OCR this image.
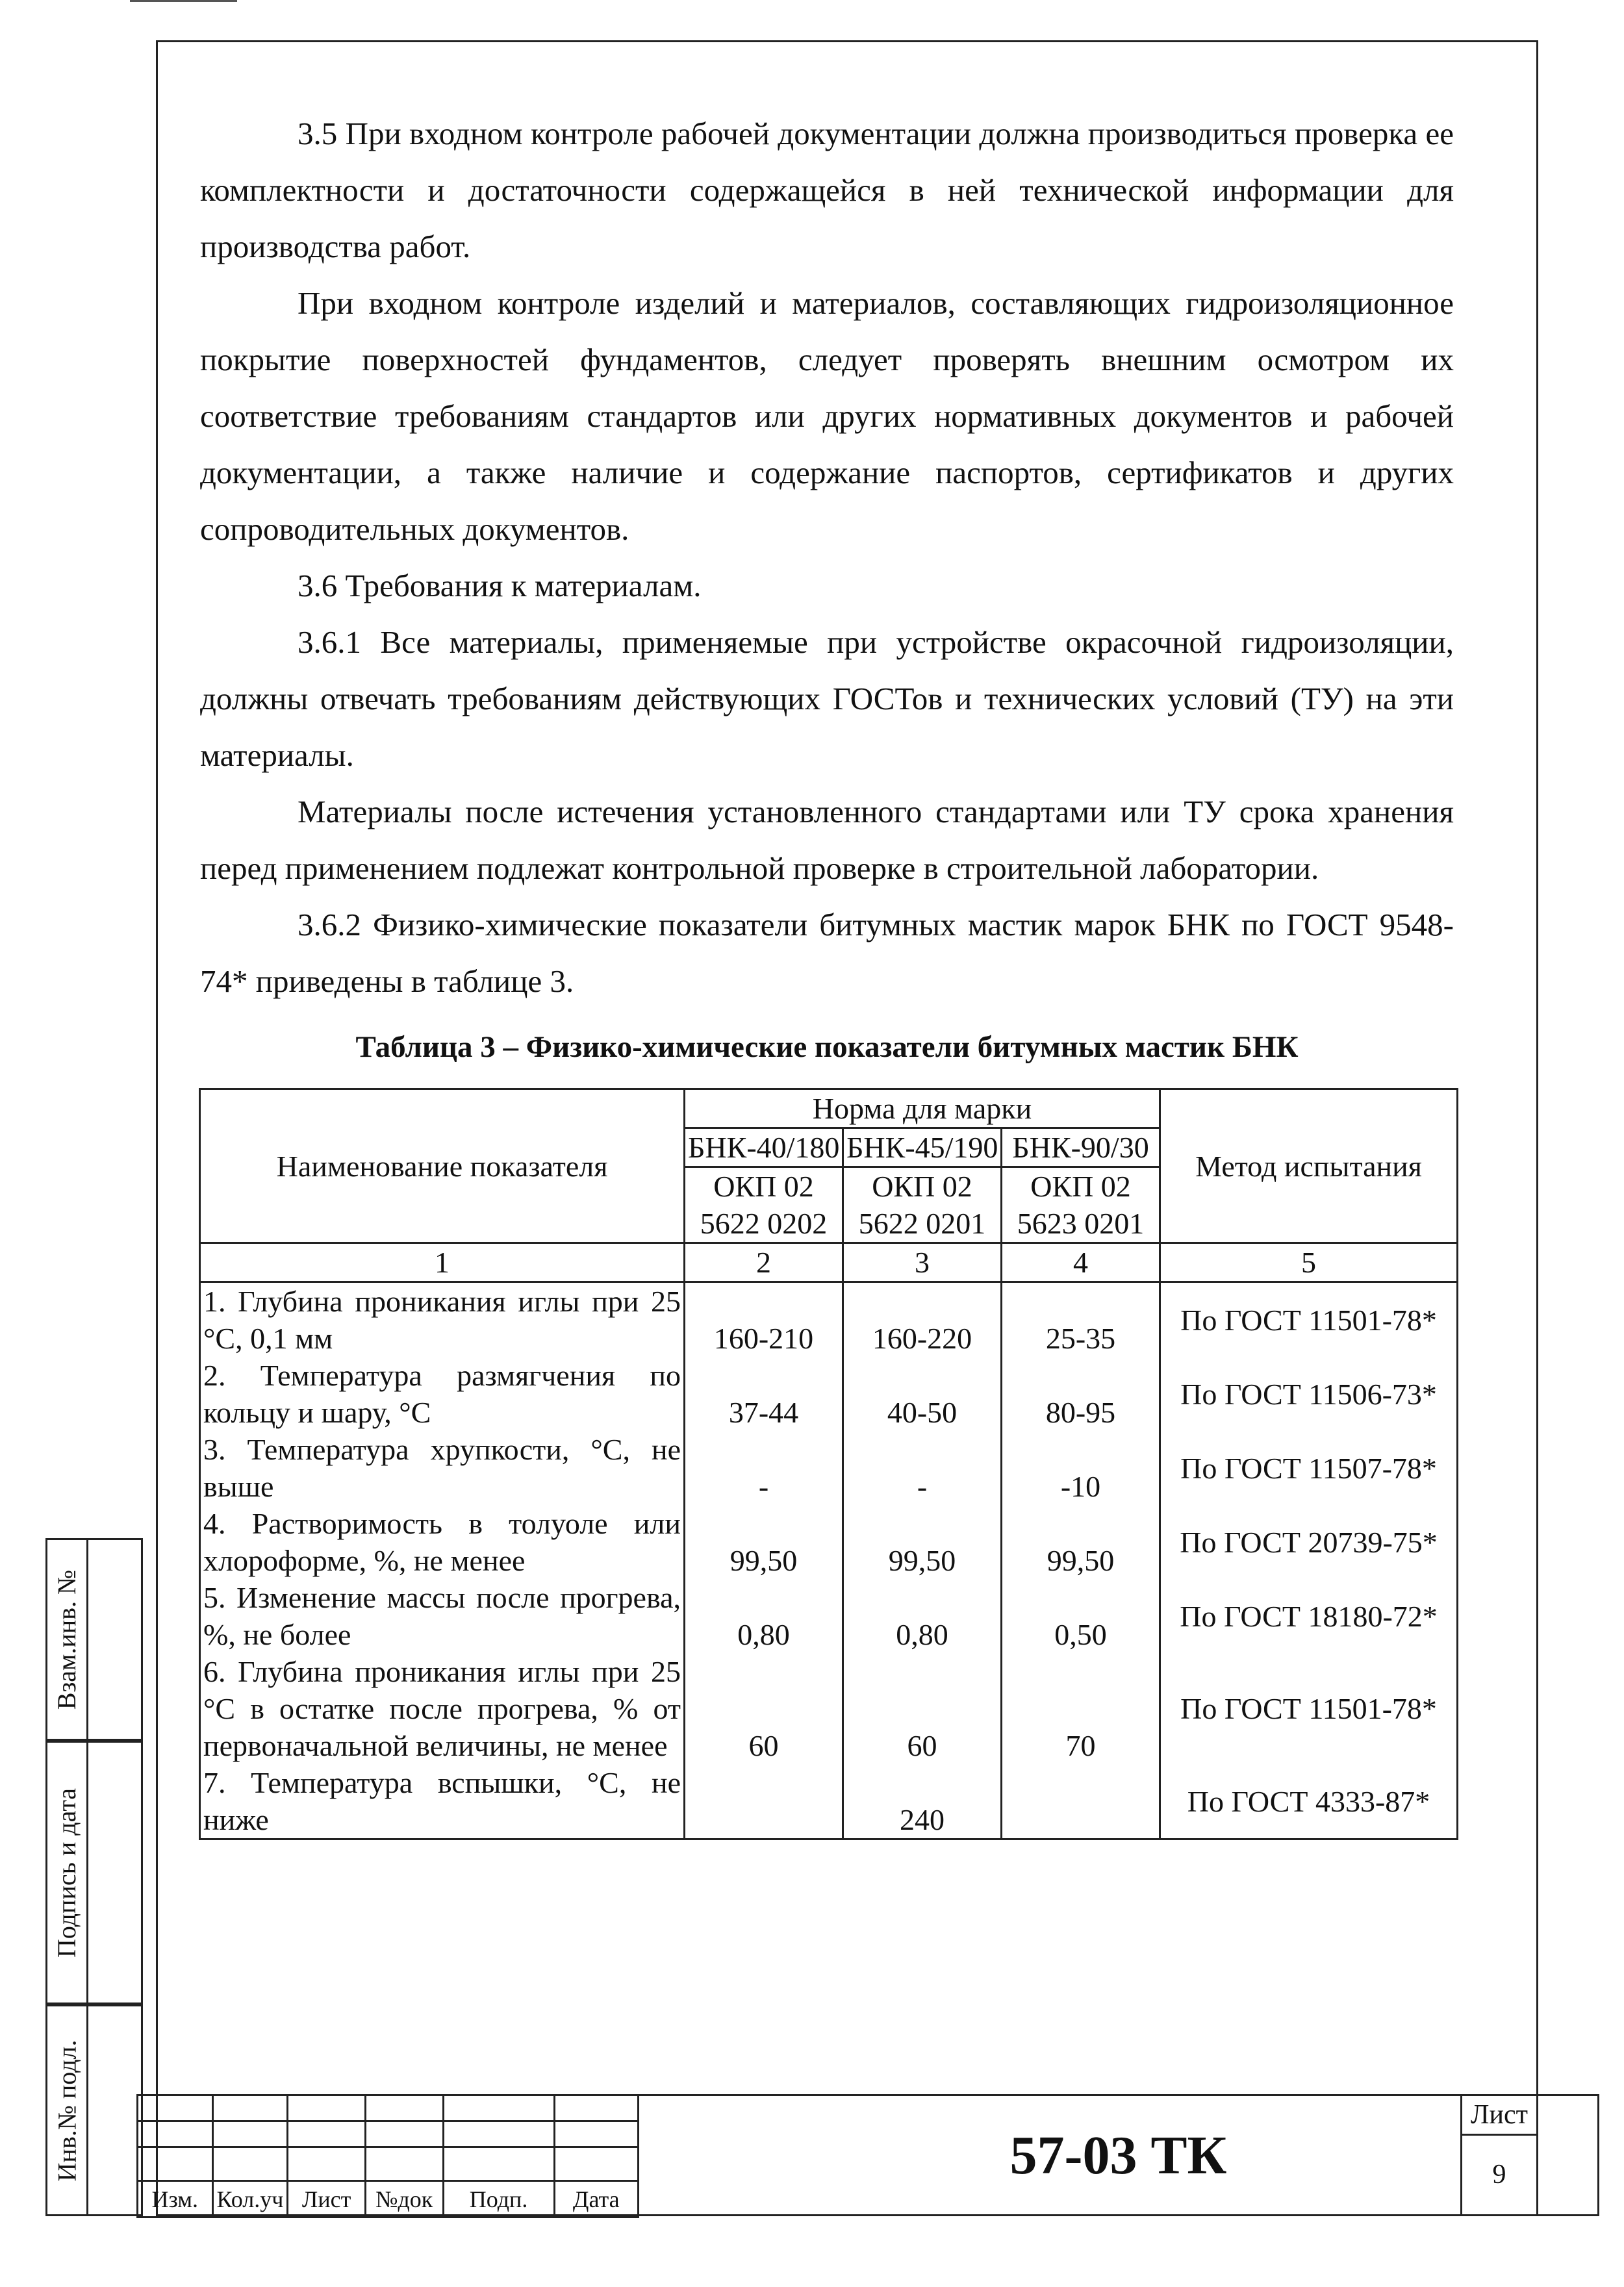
3.5 При входном контроле рабочей документации должна производиться проверка ее комплектности и достаточности содержащейся в ней технической информации для производства работ.

При входном контроле изделий и материалов, составляющих гидроизоляционное покрытие поверхностей фундаментов, следует проверять внешним осмотром их соответствие требованиям стандартов или других нормативных документов и рабочей документации, а также наличие и содержание паспортов, сертификатов и других сопроводительных документов.

3.6 Требования к материалам.

3.6.1 Все материалы, применяемые при устройстве окрасочной гидроизоляции, должны отвечать требованиям действующих ГОСТов и технических условий (ТУ) на эти материалы.

Материалы после истечения установленного стандартами или ТУ срока хранения перед применением подлежат контрольной проверке в строительной лаборатории.

3.6.2 Физико-химические показатели битумных мастик марок БНК по ГОСТ 9548-74* приведены в таблице 3.

Таблица 3 – Физико-химические показатели битумных мастик БНК
Наименование показателя	Норма для марки			Метод испытания
	БНК-40/180	БНК-45/190	БНК-90/30	
	ОКП 02 5622 0202	ОКП 02 5622 0201	ОКП 02 5623 0201	
1	2	3	4	5
1. Глубина проникания иглы при 25 °С, 0,1 мм	160-210	160-220	25-35	По ГОСТ 11501-78*
2. Температура размягчения по кольцу и шару, °С	37-44	40-50	80-95	По ГОСТ 11506-73*
3. Температура хрупкости, °С, не выше	-	-	-10	По ГОСТ 11507-78*
4. Растворимость в толуоле или хлороформе, %, не менее	99,50	99,50	99,50	По ГОСТ 20739-75*
5. Изменение массы после прогрева, %, не более	0,80	0,80	0,50	По ГОСТ 18180-72*
6. Глубина проникания иглы при 25 °С в остатке после прогрева, % от первоначальной величины, не менее	60	60	70	По ГОСТ 11501-78*
7. Температура вспышки, °С, не ниже		240		По ГОСТ 4333-87*
Взам.инв. №
Подпись и дата
Инв.№ подл.

Изм.	Кол.уч	Лист	№док	Подп.	Дата
57-03 ТК
Лист
9
